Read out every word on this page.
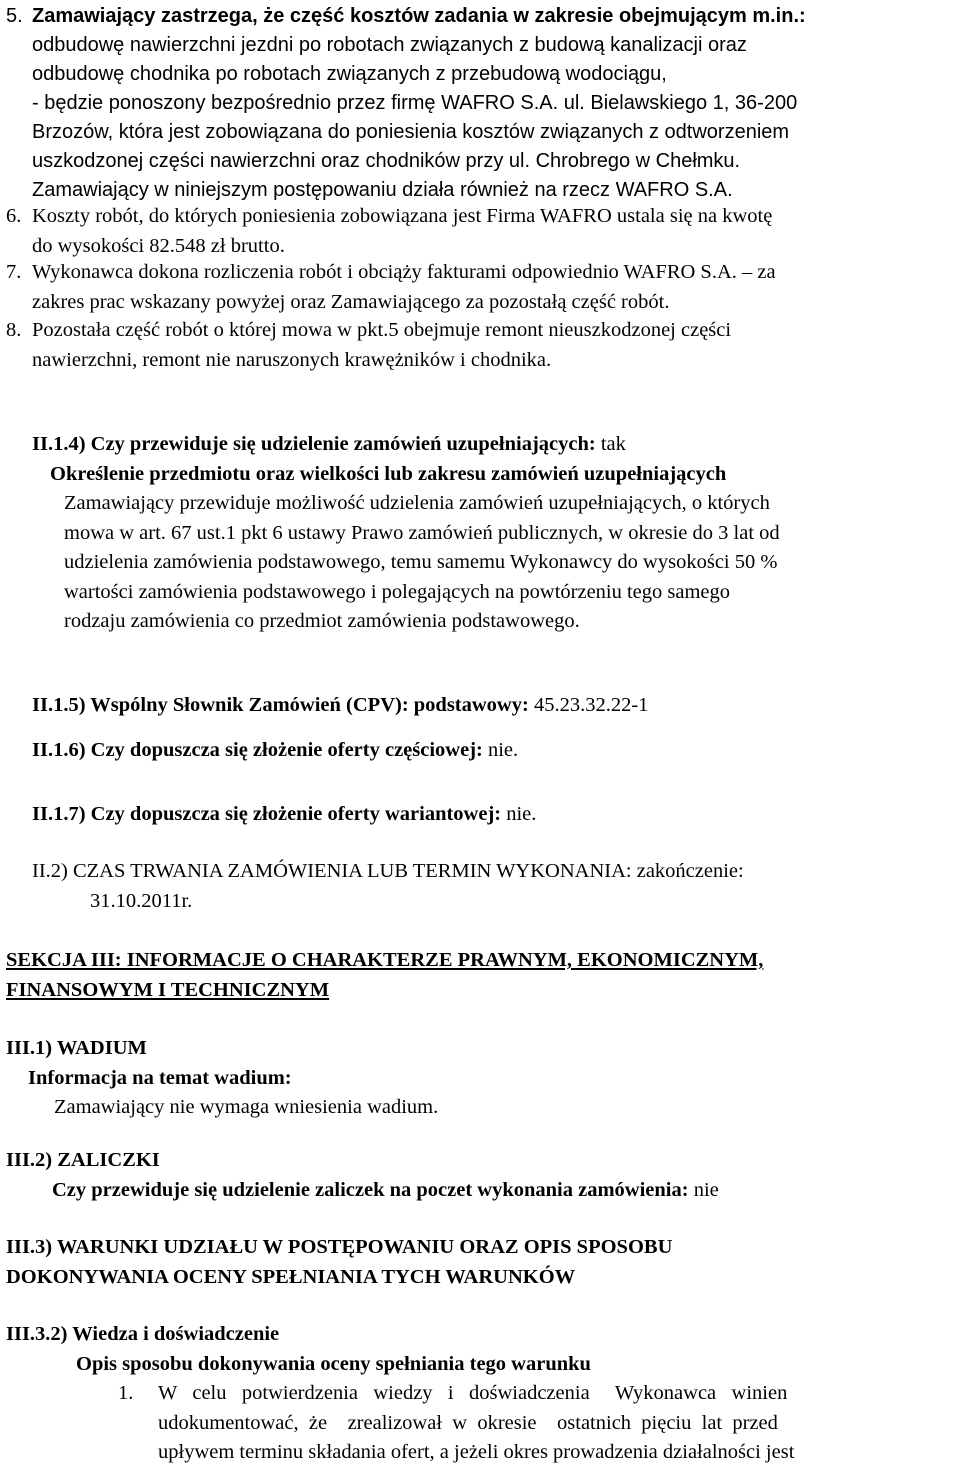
5. Zamawiający zastrzega, że część kosztów zadania w zakresie obejmującym m.in.:
odbudowę nawierzchni jezdni po robotach związanych z budową kanalizacji oraz
odbudowę chodnika po robotach związanych z przebudową wodociągu,
- będzie ponoszony bezpośrednio przez firmę WAFRO S.A. ul. Bielawskiego 1, 36-200
Brzozów, która jest zobowiązana do poniesienia kosztów związanych z odtworzeniem
uszkodzonej części nawierzchni oraz chodników przy ul. Chrobrego w Chełmku.
Zamawiający w niniejszym postępowaniu działa również na rzecz WAFRO S.A.
6. Koszty robót, do których poniesienia zobowiązana jest Firma WAFRO ustala się na kwotę
do wysokości 82.548 zł brutto.
7. Wykonawca dokona rozliczenia robót i obciąży fakturami odpowiednio WAFRO S.A. – za
zakres prac wskazany powyżej oraz Zamawiającego za pozostałą część robót.
8. Pozostała część robót o której mowa w pkt.5 obejmuje remont nieuszkodzonej części
nawierzchni, remont nie naruszonych krawężników i chodnika.
II.1.4) Czy przewiduje się udzielenie zamówień uzupełniających: tak
Określenie przedmiotu oraz wielkości lub zakresu zamówień uzupełniających
Zamawiający przewiduje możliwość udzielenia zamówień uzupełniających, o których
mowa w art. 67 ust.1 pkt 6 ustawy Prawo zamówień publicznych, w okresie do 3 lat od
udzielenia zamówienia podstawowego, temu samemu Wykonawcy do wysokości 50 %
wartości zamówienia podstawowego i polegających na powtórzeniu tego samego
rodzaju zamówienia co przedmiot zamówienia podstawowego.
II.1.5) Wspólny Słownik Zamówień (CPV): podstawowy: 45.23.32.22-1
II.1.6) Czy dopuszcza się złożenie oferty częściowej: nie.
II.1.7) Czy dopuszcza się złożenie oferty wariantowej: nie.
II.2) CZAS TRWANIA ZAMÓWIENIA LUB TERMIN WYKONANIA: zakończenie:
31.10.2011r.
SEKCJA III: INFORMACJE O CHARAKTERZE PRAWNYM, EKONOMICZNYM,
FINANSOWYM I TECHNICZNYM
III.1) WADIUM
Informacja na temat wadium:
Zamawiający nie wymaga wniesienia wadium.
III.2) ZALICZKI
Czy przewiduje się udzielenie zaliczek na poczet wykonania zamówienia: nie
III.3) WARUNKI UDZIAŁU W POSTĘPOWANIU ORAZ OPIS SPOSOBU
DOKONYWANIA OCENY SPEŁNIANIA TYCH WARUNKÓW
III.3.2) Wiedza i doświadczenie
Opis sposobu dokonywania oceny spełniania tego warunku
1.	W   celu   potwierdzenia   wiedzy   i   doświadczenia     Wykonawca   winien
udokumentować,  że    zrealizował  w  okresie    ostatnich  pięciu  lat  przed
upływem terminu składania ofert, a jeżeli okres prowadzenia działalności jest
